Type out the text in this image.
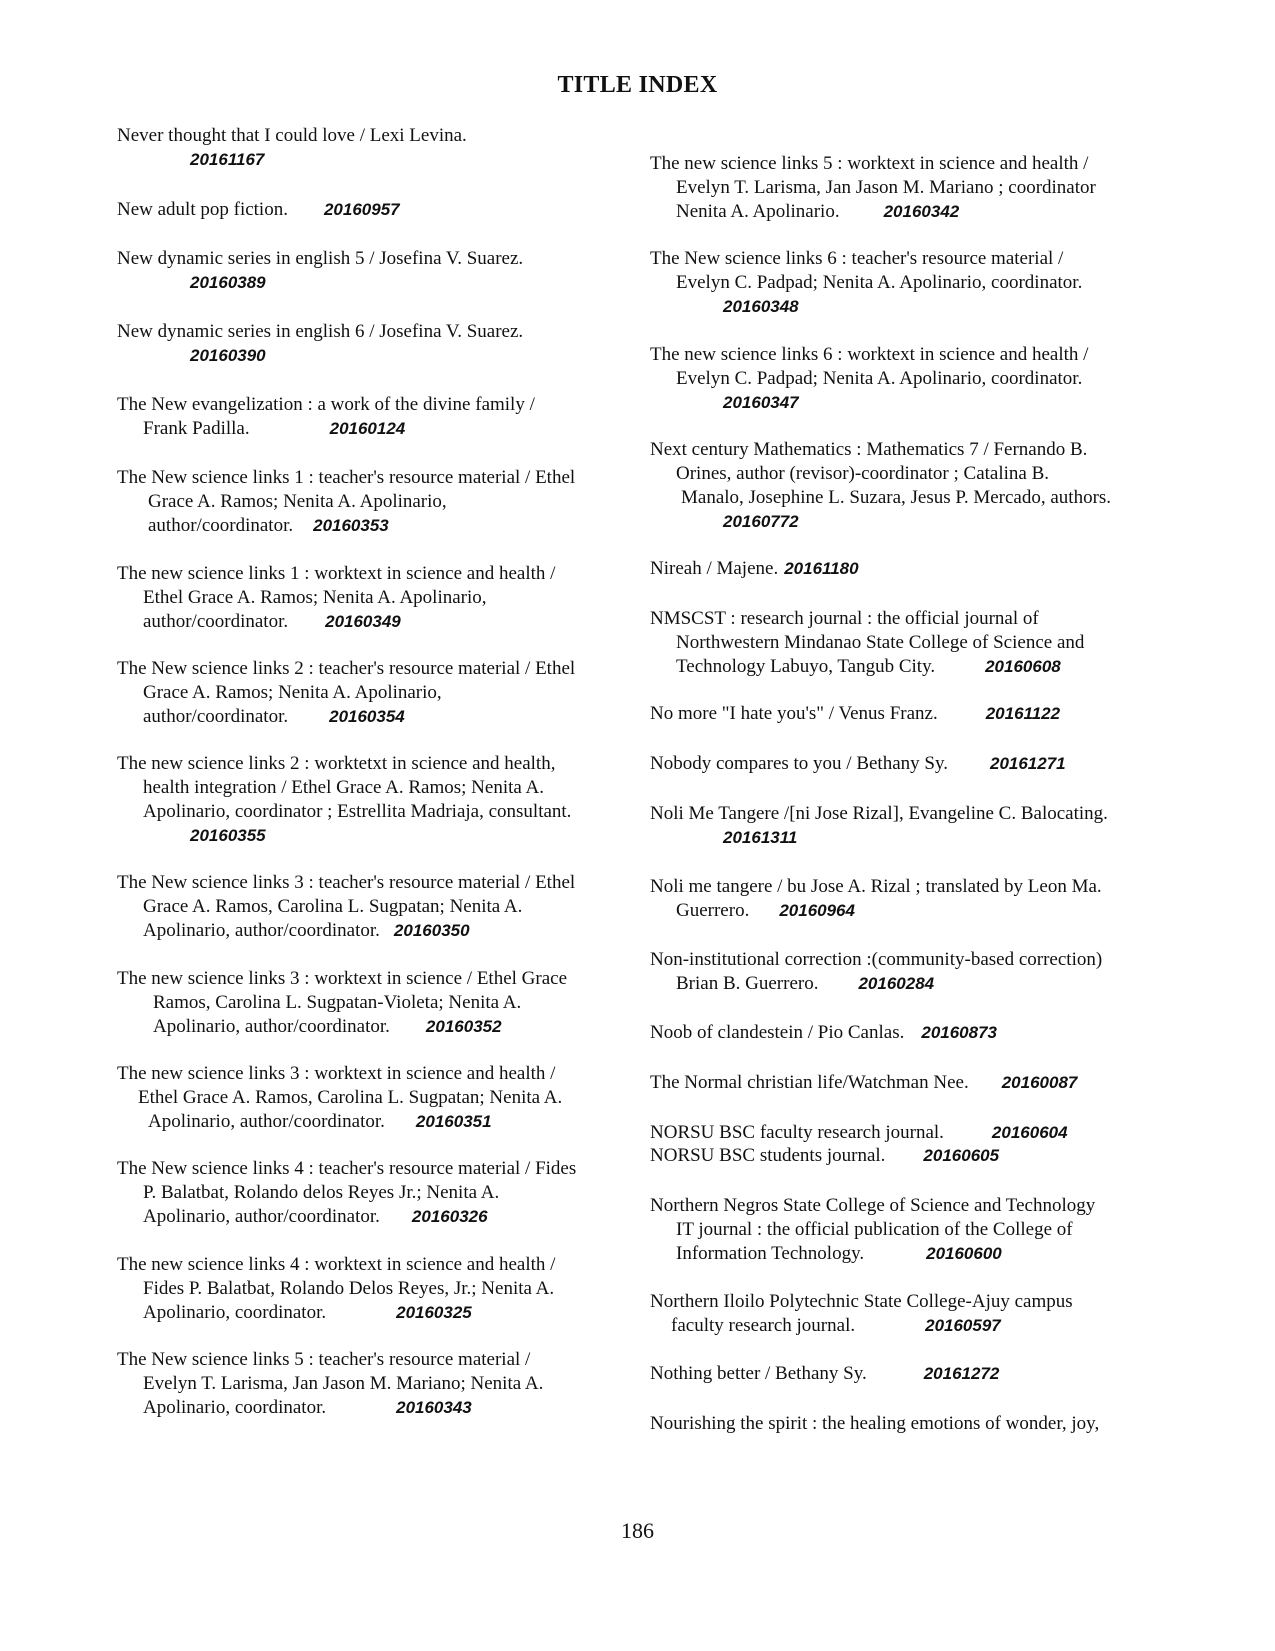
TITLE INDEX
Never thought that I could love / Lexi Levina.
20161167
New adult pop fiction. 20160957
New dynamic series in english 5 / Josefina V. Suarez.
20160389
New dynamic series in english 6 / Josefina V. Suarez.
20160390
The New evangelization : a work of the divine family /
Frank Padilla.	20160124
The New science links 1 : teacher's resource material / Ethel
Grace A. Ramos; Nenita A. Apolinario,
author/coordinator. 20160353
The new science links 1 : worktext in science and health /
Ethel Grace A. Ramos; Nenita A. Apolinario,
author/coordinator. 20160349
The New science links 2 : teacher's resource material / Ethel
Grace A. Ramos; Nenita A. Apolinario,
author/coordinator. 20160354
The new science links 2 : worktetxt in science and health,
health integration / Ethel Grace A. Ramos; Nenita A.
Apolinario, coordinator ; Estrellita Madriaja, consultant.
20160355
The New science links 3 : teacher's resource material / Ethel
Grace A. Ramos, Carolina L. Sugpatan; Nenita A.
Apolinario, author/coordinator. 20160350
The new science links 3 : worktext in science / Ethel Grace
Ramos, Carolina L. Sugpatan-Violeta; Nenita A.
Apolinario, author/coordinator. 20160352
The new science links 3 : worktext in science and health /
Ethel Grace A. Ramos, Carolina L. Sugpatan; Nenita A.
Apolinario, author/coordinator. 20160351
The New science links 4 : teacher's resource material / Fides
P. Balatbat, Rolando delos Reyes Jr.; Nenita A.
Apolinario, author/coordinator. 20160326
The new science links 4 : worktext in science and health /
Fides P. Balatbat, Rolando Delos Reyes, Jr.; Nenita A.
Apolinario, coordinator.	20160325
The New science links 5 : teacher's resource material /
Evelyn T. Larisma, Jan Jason M. Mariano; Nenita A.
Apolinario, coordinator.	20160343
The new science links 5 : worktext in science and health /
Evelyn T. Larisma, Jan Jason M. Mariano ; coordinator
Nenita A. Apolinario.	20160342
The New science links 6 : teacher's resource material /
Evelyn C. Padpad; Nenita A. Apolinario, coordinator.
20160348
The new science links 6 : worktext in science and health /
Evelyn C. Padpad; Nenita A. Apolinario, coordinator.
20160347
Next century Mathematics : Mathematics 7 / Fernando B.
Orines, author (revisor)-coordinator ; Catalina B.
Manalo, Josephine L. Suzara, Jesus P. Mercado, authors.
20160772
Nireah / Majene. 20161180
NMSCST : research journal : the official journal of
Northwestern Mindanao State College of Science and
Technology Labuyo, Tangub City.	20160608
No more "I hate you's" / Venus Franz.	20161122
Nobody compares to you / Bethany Sy. 20161271
Noli Me Tangere /[ni Jose Rizal], Evangeline C. Balocating.
20161311
Noli me tangere / bu Jose A. Rizal ; translated by Leon Ma.
Guerrero. 20160964
Non-institutional correction :(community-based correction)
Brian B. Guerrero. 20160284
Noob of clandestein / Pio Canlas. 20160873
The Normal christian life/Watchman Nee. 20160087
NORSU BSC faculty research journal.	20160604
NORSU BSC students journal. 20160605
Northern Negros State College of Science and Technology
IT journal : the official publication of the College of
Information Technology.	20160600
Northern Iloilo Polytechnic State College-Ajuy campus
faculty research journal.	20160597
Nothing better / Bethany Sy.	20161272
Nourishing the spirit : the healing emotions of wonder, joy,
186
